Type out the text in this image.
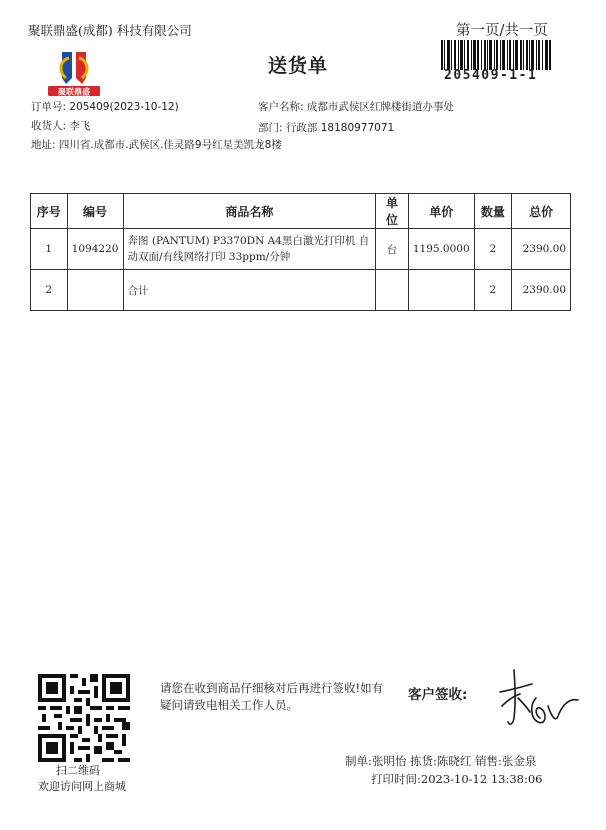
聚联鼎盛(成都) 科技有限公司	第一页/共一页
205409-1-1
送货单
聚联鼎盛
订单号: 205409(2023-10-12)	客户名称: 成都市武侯区红牌楼街道办事处
收货人: 李飞	部门: 行政部 18180977071
地址: 四川省.成都市.武侯区.佳灵路9号红星美凯龙8楼
序号	编号	商品名称	单位	单价	数量	总价
1	1094220	奔图 (PANTUM) P3370DN A4黑白激光打印机 自动双面/有线网络打印 33ppm/分钟	台	1195.0000	2	2390.00
2		合计			2	2390.00
扫二维码
欢迎访问网上商城
请您在收到商品仔细核对后再进行签收!如有疑问请致电相关工作人员。
客户签收:
制单:张明怡 拣货:陈晓红 销售:张金泉
打印时间:2023-10-12 13:38:06
